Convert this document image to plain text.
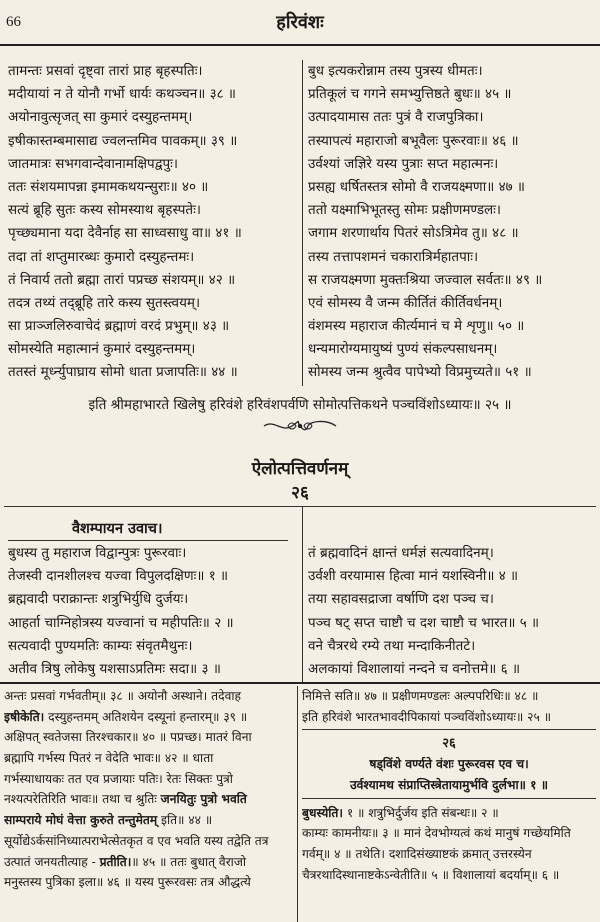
66	हरिवंशः
तामन्तः प्रसवां दृष्ट्वा तारां प्राह बृहस्पतिः।
मदीयायां न ते योनौ गर्भो धार्यः कथञ्चन॥ ३८ ॥
अयोनावुत्सृजत् सा कुमारं दस्युहन्तमम्।
इषीकास्तम्बमासाद्य ज्वलन्तमिव पावकम्॥ ३९ ॥
जातमात्रः सभगवान्देवानामक्षिपद्वपुः।
ततः संशयमापन्ना इमामकथयन्सुराः॥ ४० ॥
सत्यं ब्रूहि सुतः कस्य सोमस्याथ बृहस्पतेः।
पृच्छ्यमाना यदा देवैर्नाह सा साध्वसाधु वा॥ ४१ ॥
तदा तां शप्तुमारब्धः कुमारो दस्युहन्तमः।
तं निवार्य ततो ब्रह्मा तारां पप्रच्छ संशयम्॥ ४२ ॥
तदत्र तथ्यं तद्ब्रूहि तारे कस्य सुतस्त्वयम्।
सा प्राञ्जलिरुवाचेदं ब्रह्माणं वरदं प्रभुम्॥ ४३ ॥
सोमस्येति महात्मानं कुमारं दस्युहन्तमम्।
ततस्तं मूर्ध्न्युपाघ्राय सोमो धाता प्रजापतिः॥ ४४ ॥
बुध इत्यकरोन्नाम तस्य पुत्रस्य धीमतः।
प्रतिकूलं च गगने समभ्युत्तिष्ठते बुधः॥ ४५ ॥
उत्पादयामास ततः पुत्रं वै राजपुत्रिका।
तस्यापत्यं महाराजो बभूवैलः पुरूरवाः॥ ४६ ॥
उर्वश्यां जज्ञिरे यस्य पुत्राः सप्त महात्मनः।
प्रसह्य धर्षितस्तत्र सोमो वै राजयक्ष्मणा॥ ४७ ॥
ततो यक्ष्माभिभूतस्तु सोमः प्रक्षीणमण्डलः।
जगाम शरणार्थाय पितरं सोऽत्रिमेव तु॥ ४८ ॥
तस्य तत्तापशमनं चकारात्रिर्महातपाः।
स राजयक्ष्मणा मुक्तःश्रिया जज्वाल सर्वतः॥ ४९ ॥
एवं सोमस्य वै जन्म कीर्तितं कीर्तिवर्धनम्।
वंशमस्य महाराज कीर्त्यमानं च मे शृणु॥ ५० ॥
धन्यमारोग्यमायुष्यं पुण्यं संकल्पसाधनम्।
सोमस्य जन्म श्रुत्वैव पापेभ्यो विप्रमुच्यते॥ ५१ ॥
इति श्रीमहाभारते खिलेषु हरिवंशे हरिवंशपर्वणि सोमोत्पत्तिकथने पञ्चविंशोऽध्यायः॥ २५ ॥
ऐलोत्पत्तिवर्णनम्
२६
वैशम्पायन उवाच।
बुधस्य तु महाराज विद्वान्पुत्रः पुरूरवाः।
तेजस्वी दानशीलश्च यज्वा विपुलदक्षिणः॥ १ ॥
ब्रह्मवादी पराक्रान्तः शत्रुभिर्युधि दुर्जयः।
आहर्ता चाग्निहोत्रस्य यज्वानां च महीपतिः॥ २ ॥
सत्यवादी पुण्यमतिः काम्यः संवृतमैथुनः।
अतीव त्रिषु लोकेषु यशसाऽप्रतिमः सदा॥ ३ ॥
तं ब्रह्मवादिनं क्षान्तं धर्मज्ञं सत्यवादिनम्।
उर्वशी वरयामास हित्वा मानं यशस्विनी॥ ४ ॥
तया सहावसद्राजा वर्षाणि दश पञ्च च।
पञ्च षट् सप्त चाष्टौ च दश चाष्टौ च भारत॥ ५ ॥
वने चैत्ररथे रम्ये तथा मन्दाकिनीतटे।
अलकायां विशालायां नन्दने च वनोत्तमे॥ ६ ॥
अन्तः प्रसवां गर्भवतीम्॥ ३८ ॥ अयोनौ अस्थाने। तदेवाह
इषीकेति। दस्युहन्तमम् अतिशयेन दस्यूनां हन्तारम्॥ ३९ ॥
अक्षिपत् स्वतेजसा तिरश्चकार॥ ४० ॥ पप्रच्छ। मातरं विना
ब्रह्मापि गर्भस्य पितरं न वेदेति भावः॥ ४२ ॥ धाता
गर्भस्याधायकः तत एव प्रजायाः पतिः। रेतः सिक्तः पुत्रो
नश्यत्परेतिरिति भावः॥ तथा च श्रुतिः जनयितुः पुत्रो भवति
साम्पराये मोघं वेत्ता कुरुते तन्तुमेतम् इति॥ ४४ ॥
सूर्योद्येऽर्कसांनिध्यात्पराभेत्सेतकृत व एव भवति यस्य तद्वेति तत्र
उत्पातं जनयतीत्याह - प्रतीति।॥ ४५ ॥ ततः बुधात् वैराजो
मनुस्तस्य पुत्रिका इला॥ ४६ ॥ यस्य पुरूरवसः तत्र औद्धत्ये
निमित्ते सति॥ ४७ ॥ प्रक्षीणमण्डलः अल्पपरिधिः॥ ४८ ॥
इति हरिवंशे भारतभावदीपिकायां पञ्चविंशोऽध्यायः॥ २५ ॥
२६
षड्विंशे वर्ण्यते वंशः पुरूरवस एव च।
उर्वश्यामथ संप्राप्तिस्त्रेतायामुर्भवि दुर्लभा॥ १ ॥
बुधस्येति। १ ॥ शत्रुभिर्दुर्जय इति संबन्धः॥ २ ॥
काम्यः कामनीयः॥ ३ ॥ मानं देवभोग्यत्वं कथं मानुषं गच्छेयमिति
गर्वम्॥ ४ ॥ तथेति। दशादिसंख्याष्टकं क्रमात् उत्तरस्येन
चैत्ररथादिस्थानाष्टकेऽन्वेतीति॥ ५ ॥ विशालायां बदर्याम्॥ ६ ॥
